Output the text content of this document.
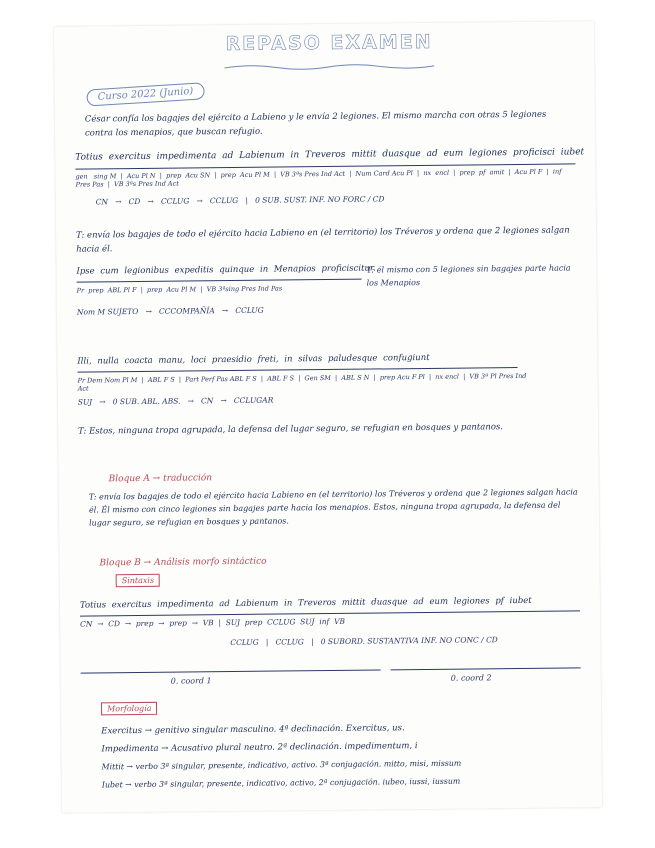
REPASO EXAMEN
Curso 2022 (Junio)
César confía los bagajes del ejército a Labieno y le envía 2 legiones. El mismo marcha con otras 5 legiones contra los menapios, que buscan refugio.
Totius exercitus impedimenta ad Labienum in Treveros mittit duasque ad eum legiones proficisci iubet
gen   sing M  |  Acu Pl N  |  prep  Acu SN  |  prep  Acu Pl M  |  VB 3ªs Pres Ind Act  |  Num Card Acu Pl  |  nx  encl  |  prep  pf  amit  |  Acu Pl F  |  inf  Pres Pas  |  VB 3ªs Pres Ind Act
CN   →   CD   →   CCLUG   →   CCLUG   |   0 SUB. SUST. INF. NO FORC / CD
T: envía los bagajes de todo el ejército hacia Labieno en (el territorio) los Tréveros y ordena que 2 legiones salgan hacia él.
Ipse cum legionibus expeditis quinque in Menapios proficiscitur.
T: él mismo con 5 legiones sin bagajes parte hacia los Menapios
Pr  prep  ABL Pl F  |  prep  Acu Pl M  |  VB 3ªsing Pres Ind Pas
Nom M SUJETO   →   CCCOMPAÑÍA   →   CCLUG
Illi, nulla coacta manu, loci praesidio freti, in silvas paludesque confugiunt
Pr Dem Nom Pl M  |  ABL F S  |  Part Perf Pas ABL F S  |  ABL F S  |  Gen SM  |  ABL S N  |  prep Acu F Pl  |  nx encl  |  VB 3ª Pl Pres Ind Act
SUJ   →   0 SUB. ABL. ABS.   →   CN   →   CCLUGAR
T: Estos, ninguna tropa agrupada, la defensa del lugar seguro, se refugian en bosques y pantanos.
Bloque A → traducción
T: envía los bagajes de todo el ejército hacia Labieno en (el territorio) los Tréveros y ordena que 2 legiones salgan hacia él. Él mismo con cinco legiones sin bagajes parte hacia los menapios. Estos, ninguna tropa agrupada, la defensa del lugar seguro, se refugian en bosques y pantanos.
Bloque B → Análisis morfo sintáctico
Sintaxis
Totius exercitus impedimenta ad Labienum in Treveros mittit duasque ad eum legiones pf iubet
CN  →  CD  →  prep  →  prep  →  VB  |  SUJ  prep  CCLUG  SUJ  inf  VB
CCLUG   |   CCLUG   |   0 SUBORD. SUSTANTIVA INF. NO CONC / CD
0. coord 1	0. coord 2
Morfología
Exercitus → genitivo singular masculino. 4ª declinación. Exercitus, us.
Impedimenta → Acusativo plural neutro. 2ª declinación. impedimentum, i
Mittit → verbo 3ª singular, presente, indicativo, activo. 3ª conjugación. mitto, misi, missum
Iubet → verbo 3ª singular, presente, indicativo, activo, 2ª conjugación. iubeo, iussi, iussum
